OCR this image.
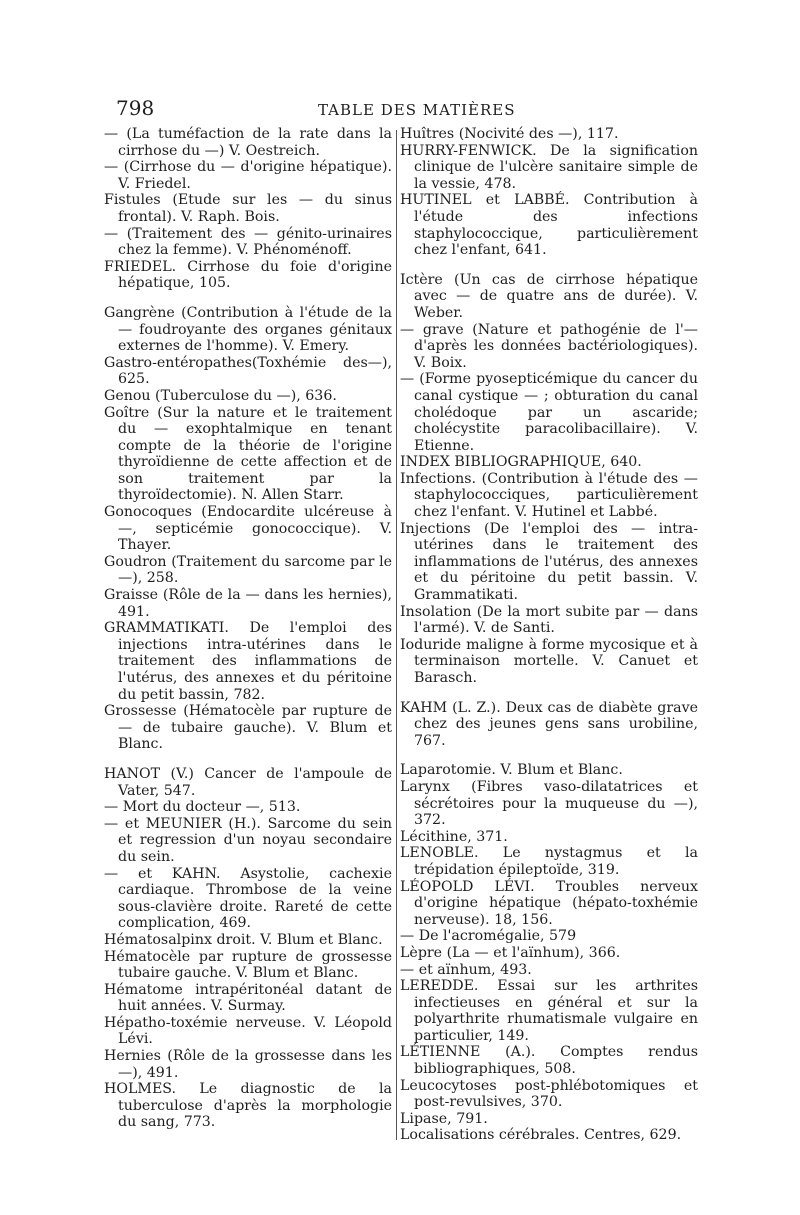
798	TABLE DES MATIÈRES

— (La tuméfaction de la rate dans la cirrhose du —) V. Oestreich.

— (Cirrhose du — d'origine hépatique). V. Friedel.

Fistules (Etude sur les — du sinus frontal). V. Raph. Bois.

— (Traitement des — génito-urinaires chez la femme). V. Phénoménoff.

FRIEDEL. Cirrhose du foie d'origine hépatique, 105.

Gangrène (Contribution à l'étude de la — foudroyante des organes génitaux externes de l'homme). V. Emery.

Gastro-entéropathes(Toxhémie des—), 625.

Genou (Tuberculose du —), 636.

Goître (Sur la nature et le traitement du — exophtalmique en tenant compte de la théorie de l'origine thyroïdienne de cette affection et de son traitement par la thyroïdectomie). N. Allen Starr.

Gonocoques (Endocardite ulcéreuse à —, septicémie gonococcique). V. Thayer.

Goudron (Traitement du sarcome par le —), 258.

Graisse (Rôle de la — dans les hernies), 491.

GRAMMATIKATI. De l'emploi des injections intra-utérines dans le traitement des inflammations de l'utérus, des annexes et du péritoine du petit bassin, 782.

Grossesse (Hématocèle par rupture de — de tubaire gauche). V. Blum et Blanc.

HANOT (V.) Cancer de l'ampoule de Vater, 547.

— Mort du docteur —, 513.

— et MEUNIER (H.). Sarcome du sein et regression d'un noyau secondaire du sein.

— et KAHN. Asystolie, cachexie cardiaque. Thrombose de la veine sous-clavière droite. Rareté de cette complication, 469.

Hématosalpinx droit. V. Blum et Blanc.

Hématocèle par rupture de grossesse tubaire gauche. V. Blum et Blanc.

Hématome intrapéritonéal datant de huit années. V. Surmay.

Hépatho-toxémie nerveuse. V. Léopold Lévi.

Hernies (Rôle de la grossesse dans les —), 491.

HOLMES. Le diagnostic de la tuberculose d'après la morphologie du sang, 773.

Huîtres (Nocivité des —), 117.

HURRY-FENWICK. De la signification clinique de l'ulcère sanitaire simple de la vessie, 478.

HUTINEL et LABBÉ. Contribution à l'étude des infections staphylococcique, particulièrement chez l'enfant, 641.

Ictère (Un cas de cirrhose hépatique avec — de quatre ans de durée). V. Weber.

— grave (Nature et pathogénie de l'— d'après les données bactériologiques). V. Boix.

— (Forme pyosepticémique du cancer du canal cystique — ; obturation du canal cholédoque par un ascaride; cholécystite paracolibacillaire). V. Etienne.

INDEX BIBLIOGRAPHIQUE, 640.

Infections. (Contribution à l'étude des — staphylococciques, particulièrement chez l'enfant. V. Hutinel et Labbé.

Injections (De l'emploi des — intra-utérines dans le traitement des inflammations de l'utérus, des annexes et du péritoine du petit bassin. V. Grammatikati.

Insolation (De la mort subite par — dans l'armé). V. de Santi.

Ioduride maligne à forme mycosique et à terminaison mortelle. V. Canuet et Barasch.

KAHM (L. Z.). Deux cas de diabète grave chez des jeunes gens sans urobiline, 767.

Laparotomie. V. Blum et Blanc.

Larynx (Fibres vaso-dilatatrices et sécrétoires pour la muqueuse du —), 372.

Lécithine, 371.

LENOBLE. Le nystagmus et la trépidation épileptoïde, 319.

LÉOPOLD LÉVI. Troubles nerveux d'origine hépatique (hépato-toxhémie nerveuse). 18, 156.

— De l'acromégalie, 579

Lèpre (La — et l'aïnhum), 366.

— et aïnhum, 493.

LEREDDE. Essai sur les arthrites infectieuses en général et sur la polyarthrite rhumatismale vulgaire en particulier, 149.

LÉTIENNE (A.). Comptes rendus bibliographiques, 508.

Leucocytoses post-phlébotomiques et post-revulsives, 370.

Lipase, 791.

Localisations cérébrales. Centres, 629.
